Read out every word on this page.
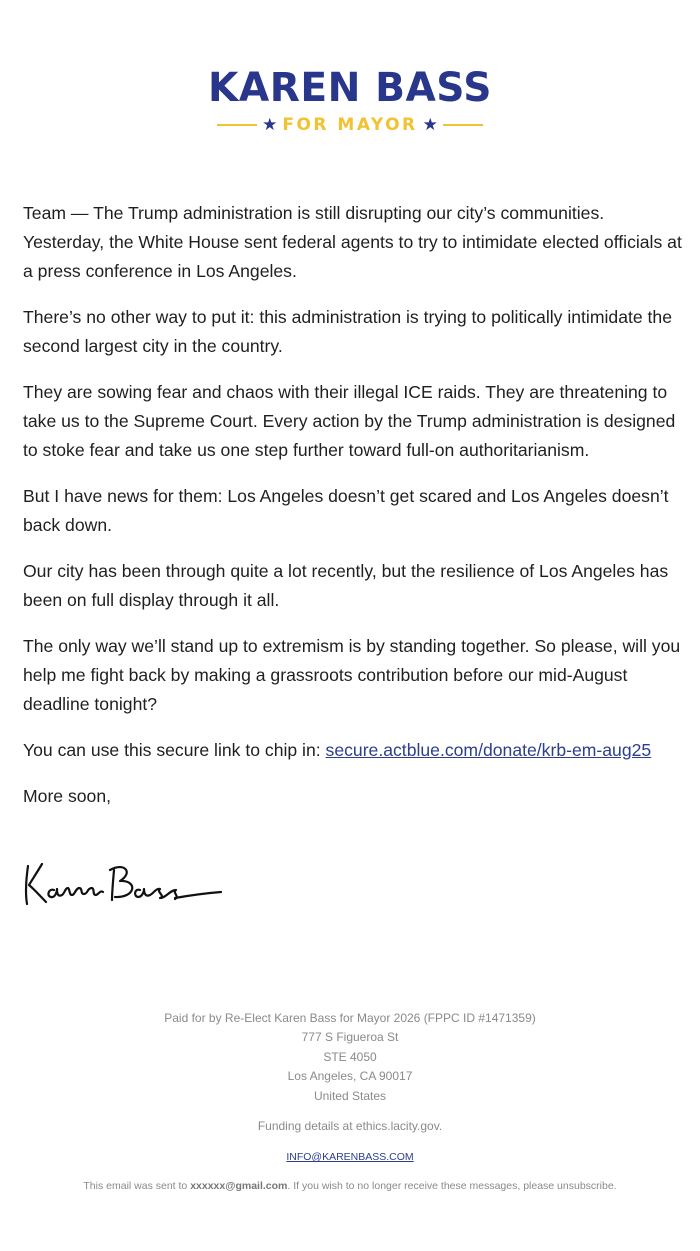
KAREN BASS
★ FOR MAYOR ★

Team — The Trump administration is still disrupting our city’s communities. Yesterday, the White House sent federal agents to try to intimidate elected officials at a press conference in Los Angeles.

There’s no other way to put it: this administration is trying to politically intimidate the second largest city in the country.

They are sowing fear and chaos with their illegal ICE raids. They are threatening to take us to the Supreme Court. Every action by the Trump administration is designed to stoke fear and take us one step further toward full-on authoritarianism.

But I have news for them: Los Angeles doesn’t get scared and Los Angeles doesn’t back down.

Our city has been through quite a lot recently, but the resilience of Los Angeles has been on full display through it all.

The only way we’ll stand up to extremism is by standing together. So please, will you help me fight back by making a grassroots contribution before our mid-August deadline tonight?

You can use this secure link to chip in: secure.actblue.com/donate/krb-em-aug25

More soon,

Paid for by Re-Elect Karen Bass for Mayor 2026 (FPPC ID #1471359)
777 S Figueroa St
STE 4050
Los Angeles, CA 90017
United States
Funding details at ethics.lacity.gov.
INFO@KARENBASS.COM
This email was sent to xxxxxx@gmail.com. If you wish to no longer receive these messages, please unsubscribe.
